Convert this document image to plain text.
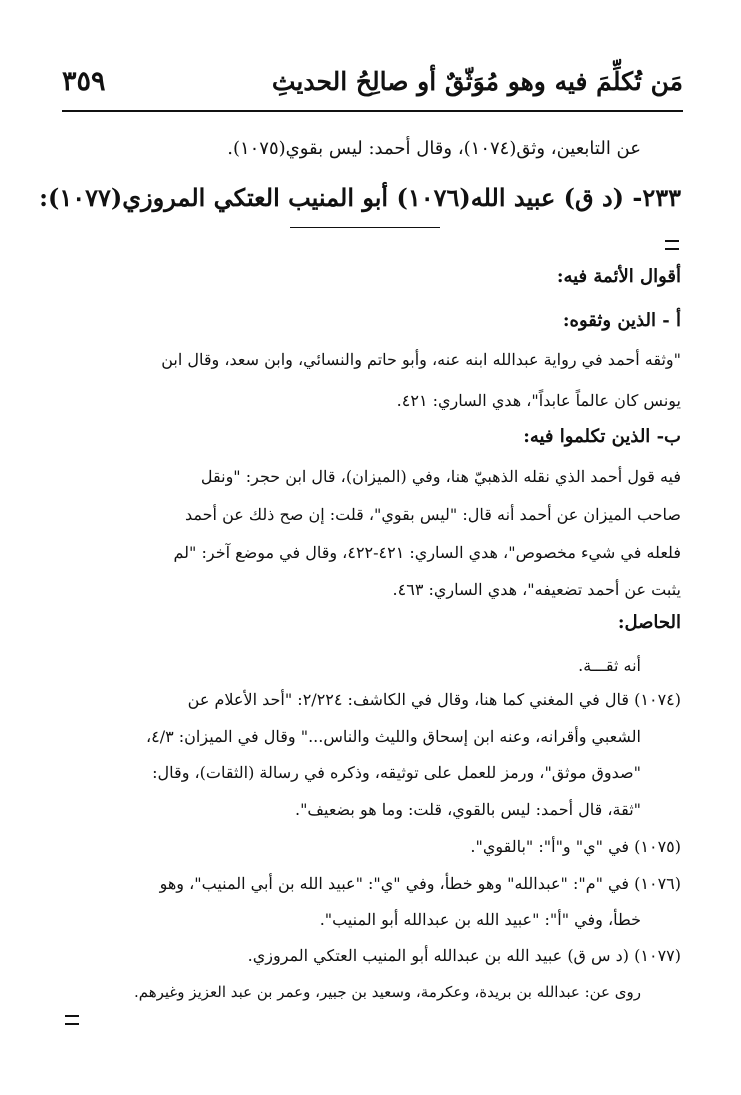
مَن تُكلِّمَ فيه وهو مُوَثّقٌ أو صالِحُ الحديثِ
٣٥٩
عن التابعين، وثق(١٠٧٤)، وقال أحمد: ليس بقوي(١٠٧٥).
٢٣٣- (د ق) عبيد الله(١٠٧٦) أبو المنيب العتكي المروزي(١٠٧٧):
أقوال الأئمة فيه:
أ - الذين وثقوه:
"وثقه أحمد في رواية عبدالله ابنه عنه، وأبو حاتم والنسائي، وابن سعد، وقال ابن
يونس كان عالماً عابداً"، هدي الساري: ٤٢١.
ب- الذين تكلموا فيه:
فيه قول أحمد الذي نقله الذهبيّ هنا، وفي (الميزان)، قال ابن حجر: "ونقل
صاحب الميزان عن أحمد أنه قال: "ليس بقوي"، قلت: إن صح ذلك عن أحمد
فلعله في شيء مخصوص"، هدي الساري: ٤٢١-٤٢٢، وقال في موضع آخر: "لم
يثبت عن أحمد تضعيفه"، هدي الساري: ٤٦٣.
الحاصل:
أنه ثقـــة.
(١٠٧٤) قال في المغني كما هنا، وقال في الكاشف: ٢/٢٢٤: "أحد الأعلام عن
الشعبي وأقرانه، وعنه ابن إسحاق والليث والناس..." وقال في الميزان: ٤/٣،
"صدوق موثق"، ورمز للعمل على توثيقه، وذكره في رسالة (الثقات)، وقال:
"ثقة، قال أحمد: ليس بالقوي، قلت: وما هو بضعيف".
(١٠٧٥) في "ي" و"أ": "بالقوي".
(١٠٧٦) في "م": "عبدالله" وهو خطأ، وفي "ي": "عبيد الله بن أبي المنيب"، وهو
خطأ، وفي "أ": "عبيد الله بن عبدالله أبو المنيب".
(١٠٧٧) (د س ق) عبيد الله بن عبدالله أبو المنيب العتكي المروزي.
روى عن: عبدالله بن بريدة، وعكرمة، وسعيد بن جبير، وعمر بن عبد العزيز وغيرهم.
